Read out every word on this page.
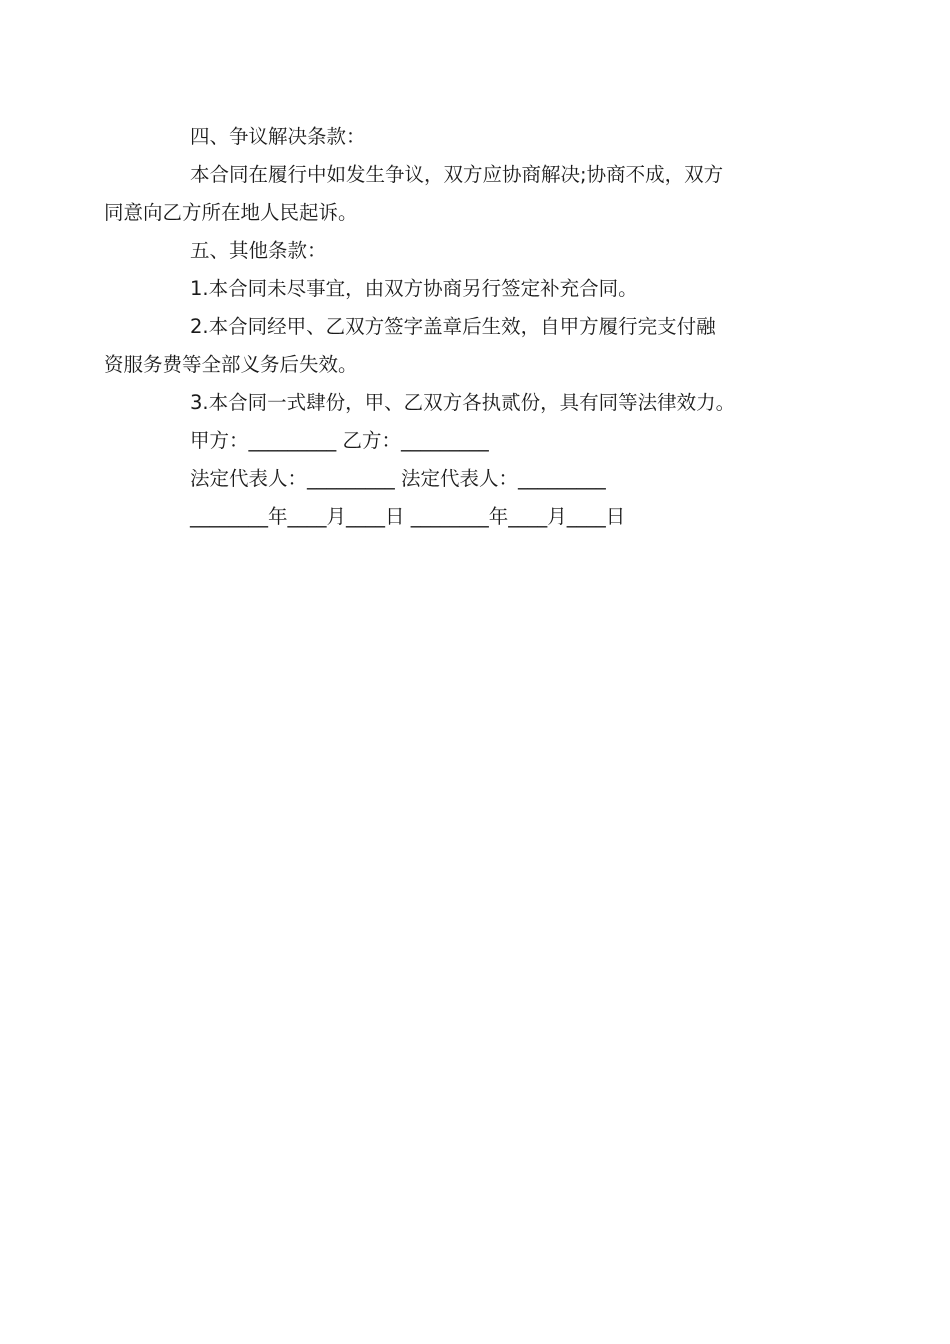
四、争议解决条款：

本合同在履行中如发生争议，双方应协商解决;协商不成，双方
同意向乙方所在地人民起诉。

五、其他条款：

1.本合同未尽事宜，由双方协商另行签定补充合同。

2.本合同经甲、乙双方签字盖章后生效，自甲方履行完支付融
资服务费等全部义务后失效。

3.本合同一式肆份，甲、乙双方各执贰份，具有同等法律效力。

甲方：_________ 乙方：_________

法定代表人：_________ 法定代表人：_________

________年____月____日 ________年____月____日
